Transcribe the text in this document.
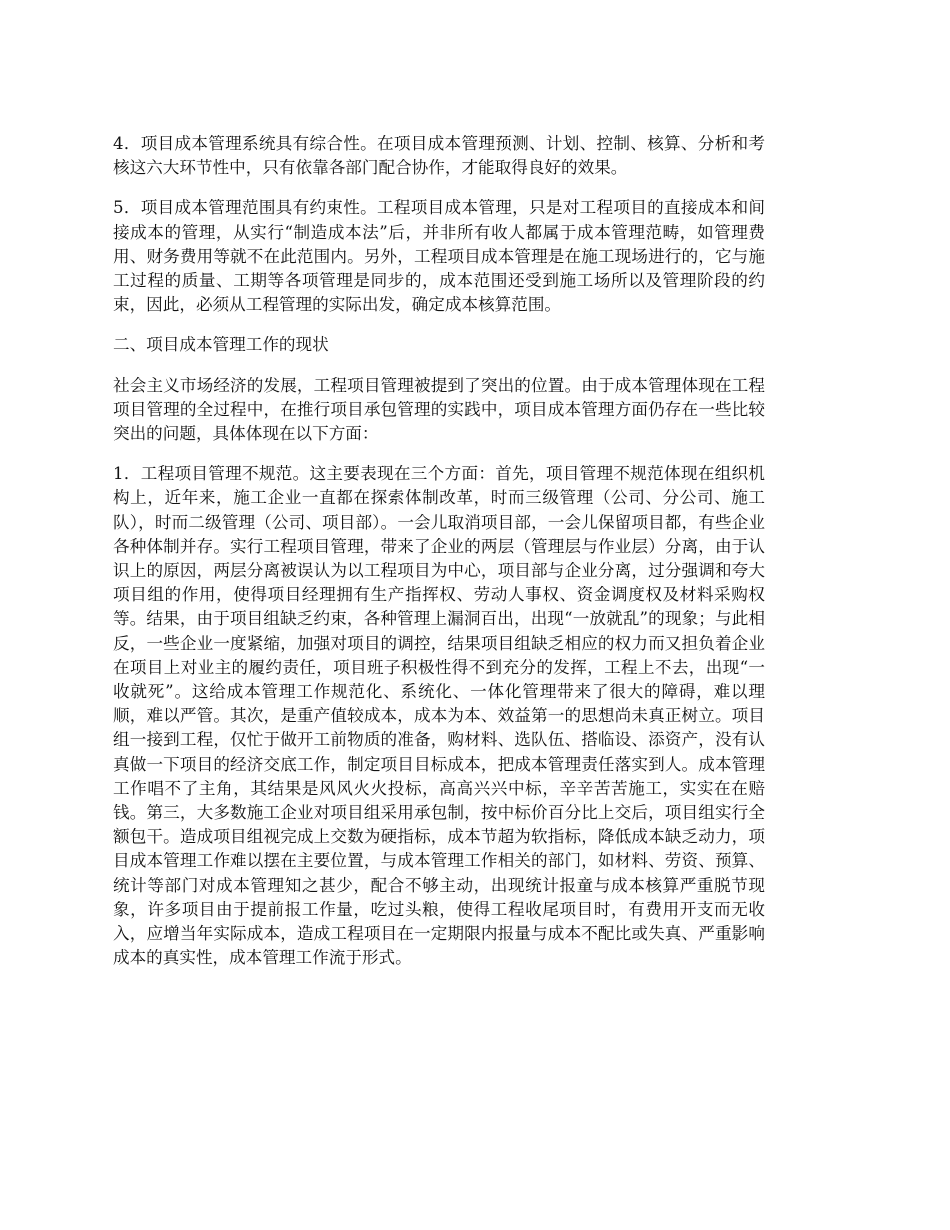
4．项目成本管理系统具有综合性。在项目成本管理预测、计划、控制、核算、分析和考核这六大环节性中，只有依靠各部门配合协作，才能取得良好的效果。

5．项目成本管理范围具有约束性。工程项目成本管理，只是对工程项目的直接成本和间接成本的管理，从实行“制造成本法”后，并非所有收人都属于成本管理范畴，如管理费用、财务费用等就不在此范围内。另外，工程项目成本管理是在施工现场进行的，它与施工过程的质量、工期等各项管理是同步的，成本范围还受到施工场所以及管理阶段的约束，因此，必须从工程管理的实际出发，确定成本核算范围。

二、项目成本管理工作的现状

社会主义市场经济的发展，工程项目管理被提到了突出的位置。由于成本管理体现在工程项目管理的全过程中，在推行项目承包管理的实践中，项目成本管理方面仍存在一些比较突出的问题，具体体现在以下方面：

1．工程项目管理不规范。这主要表现在三个方面：首先，项目管理不规范体现在组织机构上，近年来，施工企业一直都在探索体制改革，时而三级管理（公司、分公司、施工队），时而二级管理（公司、项目部）。一会儿取消项目部，一会儿保留项目都，有些企业各种体制并存。实行工程项目管理，带来了企业的两层（管理层与作业层）分离，由于认识上的原因，两层分离被误认为以工程项目为中心，项目部与企业分离，过分强调和夸大项目组的作用，使得项目经理拥有生产指挥权、劳动人事权、资金调度权及材料采购权等。结果，由于项目组缺乏约束，各种管理上漏洞百出，出现“一放就乱”的现象；与此相反，一些企业一度紧缩，加强对项目的调控，结果项目组缺乏相应的权力而又担负着企业在项目上对业主的履约责任，项目班子积极性得不到充分的发挥，工程上不去，出现“一收就死”。这给成本管理工作规范化、系统化、一体化管理带来了很大的障碍，难以理顺，难以严管。其次，是重产值较成本，成本为本、效益第一的思想尚未真正树立。项目组一接到工程，仅忙于做开工前物质的准备，购材料、选队伍、搭临设、添资产，没有认真做一下项目的经济交底工作，制定项目目标成本，把成本管理责任落实到人。成本管理工作唱不了主角，其结果是风风火火投标，高高兴兴中标，辛辛苦苦施工，实实在在赔钱。第三，大多数施工企业对项目组采用承包制，按中标价百分比上交后，项目组实行全额包干。造成项目组视完成上交数为硬指标，成本节超为软指标，降低成本缺乏动力，项目成本管理工作难以摆在主要位置，与成本管理工作相关的部门，如材料、劳资、预算、统计等部门对成本管理知之甚少，配合不够主动，出现统计报童与成本核算严重脱节现象，许多项目由于提前报工作量，吃过头粮，使得工程收尾项目时，有费用开支而无收入，应增当年实际成本，造成工程项目在一定期限内报量与成本不配比或失真、严重影响成本的真实性，成本管理工作流于形式。
